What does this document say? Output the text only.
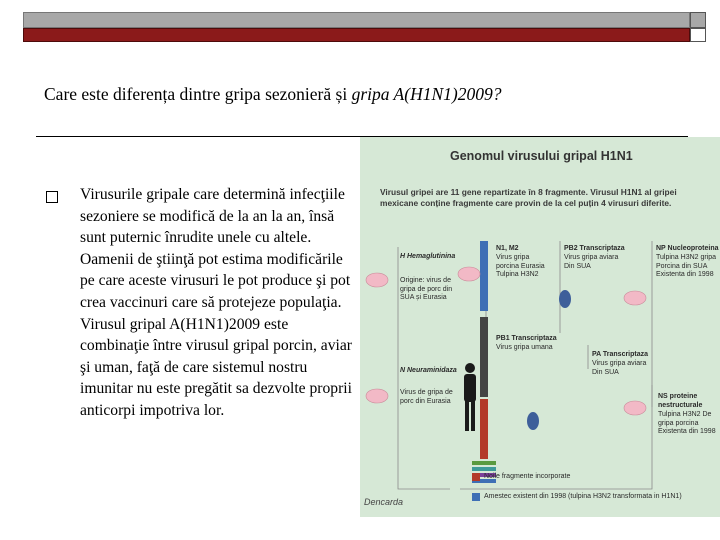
Care este diferența dintre gripa sezonieră și gripa A(H1N1)2009?
Virusurile gripale care determină infecţiile sezoniere se modifică de la an la an, însă sunt puternic înrudite unele cu altele. Oamenii de ştiinţă pot estima modificările pe care aceste virusuri le pot produce şi pot crea vaccinuri care să protejeze populaţia. Virusul gripal A(H1N1)2009 este combinaţie între virusul gripal porcin, aviar şi uman, faţă de care sistemul nostru imunitar nu este pregătit sa dezvolte proprii anticorpi impotriva lor.
Genomul virusului gripal H1N1
Virusul gripei are 11 gene repartizate în 8 fragmente. Virusul H1N1 al gripei mexicane conține fragmente care provin de la cel puțin 4 virusuri diferite.
H Hemaglutinina
Origine: virus de gripa de porc din SUA și Eurasia
N Neuraminidaza
Virus de gripa de porc din Eurasia
N1, M2
Virus gripa porcina Eurasia Tulpina H3N2
PB1 Transcriptaza
Virus gripa umana
PB2 Transcriptaza
Virus gripa aviara Din SUA
PA Transcriptaza
Virus gripa aviara Din SUA
NP Nucleoproteina
Tulpina H3N2 gripa Porcina din SUA Existenta din 1998
NS proteine nestructurale
Tulpina H3N2 De gripa porcina Existenta din 1998
Noile fragmente incorporate
Amestec existent din 1998 (tulpina H3N2 transformata in H1N1)
Dencarda
